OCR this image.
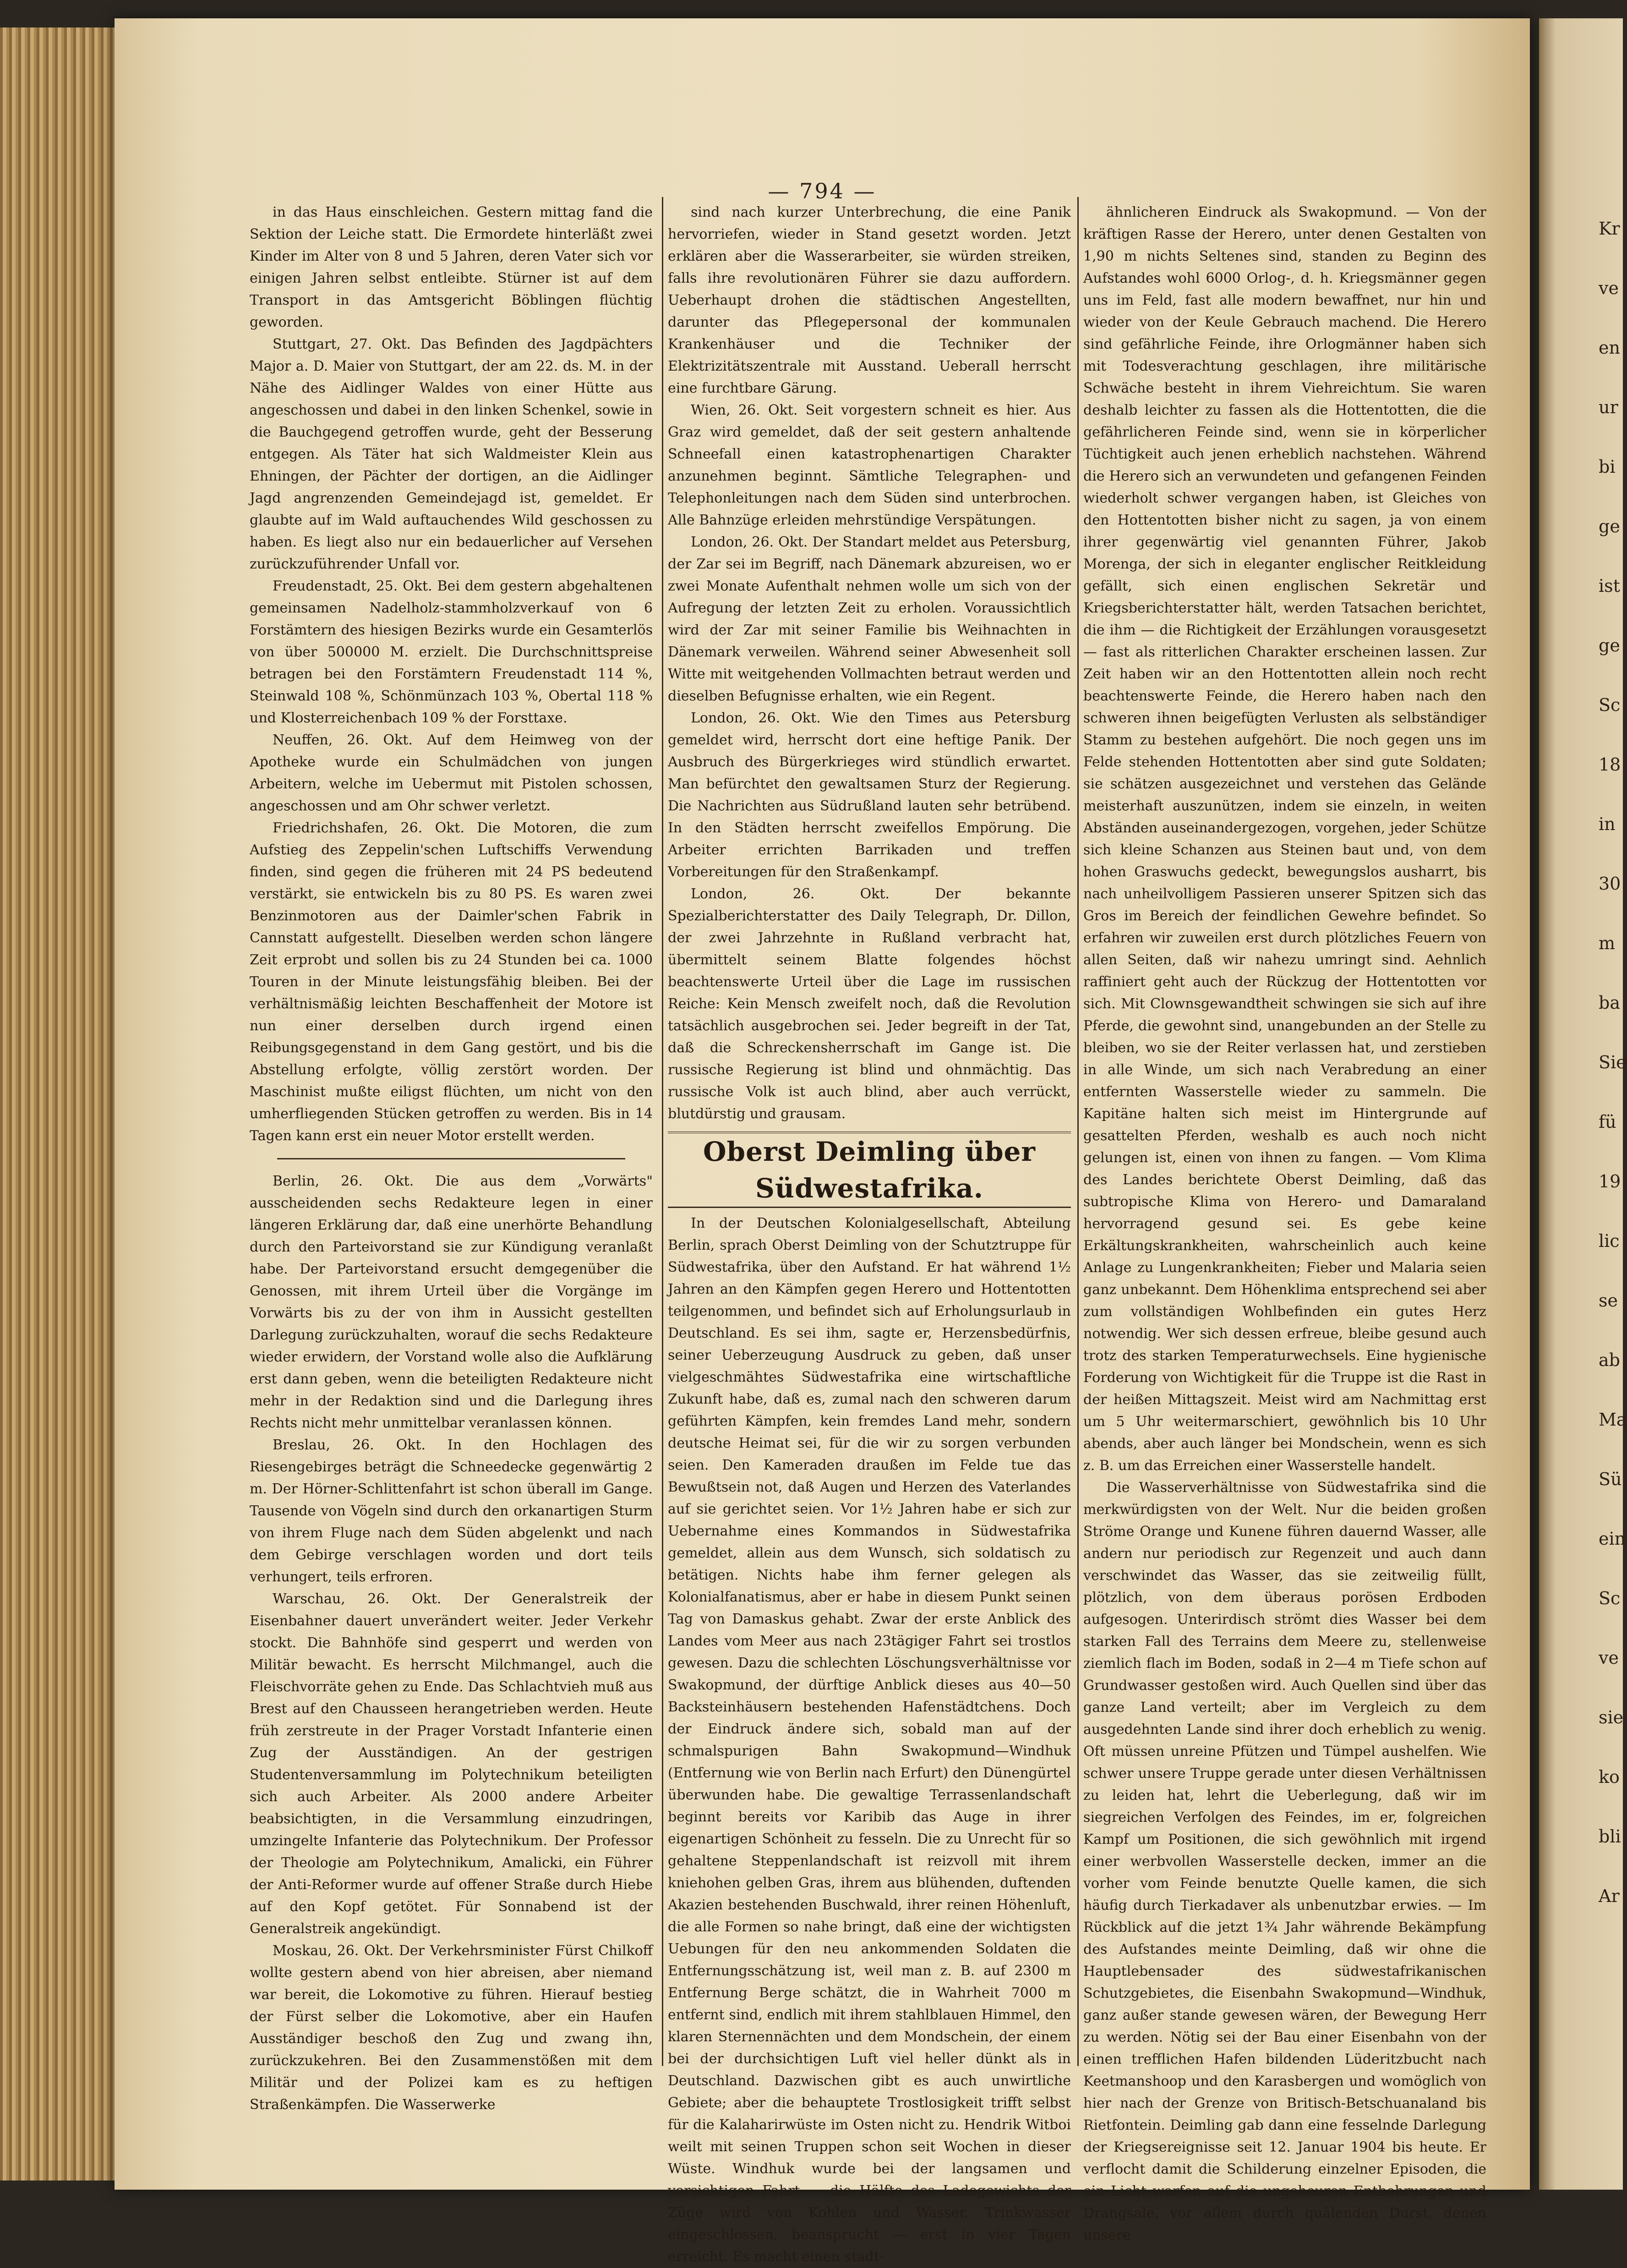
Kr
ve
en
ur
bi
ge
ist
ge
Sc
18
in
30
m
ba
Sie
fü
19
lic
se
ab
Ma
Sü
ein
Sc
ve
sie
ko
bli
Ar
— 794 —

in das Haus einschleichen. Gestern mittag fand die Sektion der Leiche statt. Die Ermordete hinterläßt zwei Kinder im Alter von 8 und 5 Jahren, deren Vater sich vor einigen Jahren selbst entleibte. Stürner ist auf dem Transport in das Amtsgericht Böblingen flüchtig geworden.

Stuttgart, 27. Okt. Das Befinden des Jagdpächters Major a. D. Maier von Stuttgart, der am 22. ds. M. in der Nähe des Aidlinger Waldes von einer Hütte aus angeschossen und dabei in den linken Schenkel, sowie in die Bauchgegend getroffen wurde, geht der Besserung entgegen. Als Täter hat sich Waldmeister Klein aus Ehningen, der Pächter der dortigen, an die Aidlinger Jagd angrenzenden Gemeindejagd ist, gemeldet. Er glaubte auf im Wald auftauchendes Wild geschossen zu haben. Es liegt also nur ein bedauerlicher auf Versehen zurückzuführender Unfall vor.

Freudenstadt, 25. Okt. Bei dem gestern abgehaltenen gemeinsamen Nadelholz-stammholzverkauf von 6 Forstämtern des hiesigen Bezirks wurde ein Gesamterlös von über 500000 M. erzielt. Die Durchschnittspreise betragen bei den Forstämtern Freudenstadt 114 %, Steinwald 108 %, Schönmünzach 103 %, Obertal 118 % und Klosterreichenbach 109 % der Forsttaxe.

Neuffen, 26. Okt. Auf dem Heimweg von der Apotheke wurde ein Schulmädchen von jungen Arbeitern, welche im Uebermut mit Pistolen schossen, angeschossen und am Ohr schwer verletzt.

Friedrichshafen, 26. Okt. Die Motoren, die zum Aufstieg des Zeppelin'schen Luftschiffs Verwendung finden, sind gegen die früheren mit 24 PS bedeutend verstärkt, sie entwickeln bis zu 80 PS. Es waren zwei Benzinmotoren aus der Daimler'schen Fabrik in Cannstatt aufgestellt. Dieselben werden schon längere Zeit erprobt und sollen bis zu 24 Stunden bei ca. 1000 Touren in der Minute leistungsfähig bleiben. Bei der verhältnismäßig leichten Beschaffenheit der Motore ist nun einer derselben durch irgend einen Reibungsgegenstand in dem Gang gestört, und bis die Abstellung erfolgte, völlig zerstört worden. Der Maschinist mußte eiligst flüchten, um nicht von den umherfliegenden Stücken getroffen zu werden. Bis in 14 Tagen kann erst ein neuer Motor erstellt werden.

Berlin, 26. Okt. Die aus dem „Vorwärts" ausscheidenden sechs Redakteure legen in einer längeren Erklärung dar, daß eine unerhörte Behandlung durch den Parteivorstand sie zur Kündigung veranlaßt habe. Der Parteivorstand ersucht demgegenüber die Genossen, mit ihrem Urteil über die Vorgänge im Vorwärts bis zu der von ihm in Aussicht gestellten Darlegung zurückzuhalten, worauf die sechs Redakteure wieder erwidern, der Vorstand wolle also die Aufklärung erst dann geben, wenn die beteiligten Redakteure nicht mehr in der Redaktion sind und die Darlegung ihres Rechts nicht mehr unmittelbar veranlassen können.

Breslau, 26. Okt. In den Hochlagen des Riesengebirges beträgt die Schneedecke gegenwärtig 2 m. Der Hörner-Schlittenfahrt ist schon überall im Gange. Tausende von Vögeln sind durch den orkanartigen Sturm von ihrem Fluge nach dem Süden abgelenkt und nach dem Gebirge verschlagen worden und dort teils verhungert, teils erfroren.

Warschau, 26. Okt. Der Generalstreik der Eisenbahner dauert unverändert weiter. Jeder Verkehr stockt. Die Bahnhöfe sind gesperrt und werden von Militär bewacht. Es herrscht Milchmangel, auch die Fleischvorräte gehen zu Ende. Das Schlachtvieh muß aus Brest auf den Chausseen herangetrieben werden. Heute früh zerstreute in der Prager Vorstadt Infanterie einen Zug der Ausständigen. An der gestrigen Studentenversammlung im Polytechnikum beteiligten sich auch Arbeiter. Als 2000 andere Arbeiter beabsichtigten, in die Versammlung einzudringen, umzingelte Infanterie das Polytechnikum. Der Professor der Theologie am Polytechnikum, Amalicki, ein Führer der Anti-Reformer wurde auf offener Straße durch Hiebe auf den Kopf getötet. Für Sonnabend ist der Generalstreik angekündigt.

Moskau, 26. Okt. Der Verkehrsminister Fürst Chilkoff wollte gestern abend von hier abreisen, aber niemand war bereit, die Lokomotive zu führen. Hierauf bestieg der Fürst selber die Lokomotive, aber ein Haufen Ausständiger beschoß den Zug und zwang ihn, zurückzukehren. Bei den Zusammenstößen mit dem Militär und der Polizei kam es zu heftigen Straßenkämpfen. Die Wasserwerke

sind nach kurzer Unterbrechung, die eine Panik hervorriefen, wieder in Stand gesetzt worden. Jetzt erklären aber die Wasserarbeiter, sie würden streiken, falls ihre revolutionären Führer sie dazu auffordern. Ueberhaupt drohen die städtischen Angestellten, darunter das Pflegepersonal der kommunalen Krankenhäuser und die Techniker der Elektrizitätszentrale mit Ausstand. Ueberall herrscht eine furchtbare Gärung.

Wien, 26. Okt. Seit vorgestern schneit es hier. Aus Graz wird gemeldet, daß der seit gestern anhaltende Schneefall einen katastrophenartigen Charakter anzunehmen beginnt. Sämtliche Telegraphen- und Telephonleitungen nach dem Süden sind unterbrochen. Alle Bahnzüge erleiden mehrstündige Verspätungen.

London, 26. Okt. Der Standart meldet aus Petersburg, der Zar sei im Begriff, nach Dänemark abzureisen, wo er zwei Monate Aufenthalt nehmen wolle um sich von der Aufregung der letzten Zeit zu erholen. Voraussichtlich wird der Zar mit seiner Familie bis Weihnachten in Dänemark verweilen. Während seiner Abwesenheit soll Witte mit weitgehenden Vollmachten betraut werden und dieselben Befugnisse erhalten, wie ein Regent.

London, 26. Okt. Wie den Times aus Petersburg gemeldet wird, herrscht dort eine heftige Panik. Der Ausbruch des Bürgerkrieges wird stündlich erwartet. Man befürchtet den gewaltsamen Sturz der Regierung. Die Nachrichten aus Südrußland lauten sehr betrübend. In den Städten herrscht zweifellos Empörung. Die Arbeiter errichten Barrikaden und treffen Vorbereitungen für den Straßenkampf.

London, 26. Okt. Der bekannte Spezialberichterstatter des Daily Telegraph, Dr. Dillon, der zwei Jahrzehnte in Rußland verbracht hat, übermittelt seinem Blatte folgendes höchst beachtenswerte Urteil über die Lage im russischen Reiche: Kein Mensch zweifelt noch, daß die Revolution tatsächlich ausgebrochen sei. Jeder begreift in der Tat, daß die Schreckensherrschaft im Gange ist. Die russische Regierung ist blind und ohnmächtig. Das russische Volk ist auch blind, aber auch verrückt, blutdürstig und grausam.

Oberst Deimling über Südwestafrika.

In der Deutschen Kolonialgesellschaft, Abteilung Berlin, sprach Oberst Deimling von der Schutztruppe für Südwestafrika, über den Aufstand. Er hat während 1½ Jahren an den Kämpfen gegen Herero und Hottentotten teilgenommen, und befindet sich auf Erholungsurlaub in Deutschland. Es sei ihm, sagte er, Herzensbedürfnis, seiner Ueberzeugung Ausdruck zu geben, daß unser vielgeschmähtes Südwestafrika eine wirtschaftliche Zukunft habe, daß es, zumal nach den schweren darum geführten Kämpfen, kein fremdes Land mehr, sondern deutsche Heimat sei, für die wir zu sorgen verbunden seien. Den Kameraden draußen im Felde tue das Bewußtsein not, daß Augen und Herzen des Vaterlandes auf sie gerichtet seien. Vor 1½ Jahren habe er sich zur Uebernahme eines Kommandos in Südwestafrika gemeldet, allein aus dem Wunsch, sich soldatisch zu betätigen. Nichts habe ihm ferner gelegen als Kolonialfanatismus, aber er habe in diesem Punkt seinen Tag von Damaskus gehabt. Zwar der erste Anblick des Landes vom Meer aus nach 23tägiger Fahrt sei trostlos gewesen. Dazu die schlechten Löschungsverhältnisse vor Swakopmund, der dürftige Anblick dieses aus 40—50 Backsteinhäusern bestehenden Hafenstädtchens. Doch der Eindruck ändere sich, sobald man auf der schmalspurigen Bahn Swakopmund—Windhuk (Entfernung wie von Berlin nach Erfurt) den Dünengürtel überwunden habe. Die gewaltige Terrassenlandschaft beginnt bereits vor Karibib das Auge in ihrer eigenartigen Schönheit zu fesseln. Die zu Unrecht für so gehaltene Steppenlandschaft ist reizvoll mit ihrem kniehohen gelben Gras, ihrem aus blühenden, duftenden Akazien bestehenden Buschwald, ihrer reinen Höhenluft, die alle Formen so nahe bringt, daß eine der wichtigsten Uebungen für den neu ankommenden Soldaten die Entfernungsschätzung ist, weil man z. B. auf 2300 m Entfernung Berge schätzt, die in Wahrheit 7000 m entfernt sind, endlich mit ihrem stahlblauen Himmel, den klaren Sternennächten und dem Mondschein, der einem bei der durchsichtigen Luft viel heller dünkt als in Deutschland. Dazwischen gibt es auch unwirtliche Gebiete; aber die behauptete Trostlosigkeit trifft selbst für die Kalaharirwüste im Osten nicht zu. Hendrik Witboi weilt mit seinen Truppen schon seit Wochen in dieser Wüste. Windhuk wurde bei der langsamen und vorsichtigen Fahrt — die Hälfte des Ladegewichts der Züge wird von Kohlen und Wasser, Trinkwasser eingeschlossen, beansprucht — erst in vier Tagen erreicht. Es macht einen stadt-

ähnlicheren Eindruck als Swakopmund. — Von der kräftigen Rasse der Herero, unter denen Gestalten von 1,90 m nichts Seltenes sind, standen zu Beginn des Aufstandes wohl 6000 Orlog-, d. h. Kriegsmänner gegen uns im Feld, fast alle modern bewaffnet, nur hin und wieder von der Keule Gebrauch machend. Die Herero sind gefährliche Feinde, ihre Orlogmänner haben sich mit Todesverachtung geschlagen, ihre militärische Schwäche besteht in ihrem Viehreichtum. Sie waren deshalb leichter zu fassen als die Hottentotten, die die gefährlicheren Feinde sind, wenn sie in körperlicher Tüchtigkeit auch jenen erheblich nachstehen. Während die Herero sich an verwundeten und gefangenen Feinden wiederholt schwer vergangen haben, ist Gleiches von den Hottentotten bisher nicht zu sagen, ja von einem ihrer gegenwärtig viel genannten Führer, Jakob Morenga, der sich in eleganter englischer Reitkleidung gefällt, sich einen englischen Sekretär und Kriegsberichterstatter hält, werden Tatsachen berichtet, die ihm — die Richtigkeit der Erzählungen vorausgesetzt — fast als ritterlichen Charakter erscheinen lassen. Zur Zeit haben wir an den Hottentotten allein noch recht beachtenswerte Feinde, die Herero haben nach den schweren ihnen beigefügten Verlusten als selbständiger Stamm zu bestehen aufgehört. Die noch gegen uns im Felde stehenden Hottentotten aber sind gute Soldaten; sie schätzen ausgezeichnet und verstehen das Gelände meisterhaft auszunützen, indem sie einzeln, in weiten Abständen auseinandergezogen, vorgehen, jeder Schütze sich kleine Schanzen aus Steinen baut und, von dem hohen Graswuchs gedeckt, bewegungslos ausharrt, bis nach unheilvolligem Passieren unserer Spitzen sich das Gros im Bereich der feindlichen Gewehre befindet. So erfahren wir zuweilen erst durch plötzliches Feuern von allen Seiten, daß wir nahezu umringt sind. Aehnlich raffiniert geht auch der Rückzug der Hottentotten vor sich. Mit Clownsgewandtheit schwingen sie sich auf ihre Pferde, die gewohnt sind, unangebunden an der Stelle zu bleiben, wo sie der Reiter verlassen hat, und zerstieben in alle Winde, um sich nach Verabredung an einer entfernten Wasserstelle wieder zu sammeln. Die Kapitäne halten sich meist im Hintergrunde auf gesattelten Pferden, weshalb es auch noch nicht gelungen ist, einen von ihnen zu fangen. — Vom Klima des Landes berichtete Oberst Deimling, daß das subtropische Klima von Herero- und Damaraland hervorragend gesund sei. Es gebe keine Erkältungskrankheiten, wahrscheinlich auch keine Anlage zu Lungenkrankheiten; Fieber und Malaria seien ganz unbekannt. Dem Höhenklima entsprechend sei aber zum vollständigen Wohlbefinden ein gutes Herz notwendig. Wer sich dessen erfreue, bleibe gesund auch trotz des starken Temperaturwechsels. Eine hygienische Forderung von Wichtigkeit für die Truppe ist die Rast in der heißen Mittagszeit. Meist wird am Nachmittag erst um 5 Uhr weitermarschiert, gewöhnlich bis 10 Uhr abends, aber auch länger bei Mondschein, wenn es sich z. B. um das Erreichen einer Wasserstelle handelt.

Die Wasserverhältnisse von Südwestafrika sind die merkwürdigsten von der Welt. Nur die beiden großen Ströme Orange und Kunene führen dauernd Wasser, alle andern nur periodisch zur Regenzeit und auch dann verschwindet das Wasser, das sie zeitweilig füllt, plötzlich, von dem überaus porösen Erdboden aufgesogen. Unterirdisch strömt dies Wasser bei dem starken Fall des Terrains dem Meere zu, stellenweise ziemlich flach im Boden, sodaß in 2—4 m Tiefe schon auf Grundwasser gestoßen wird. Auch Quellen sind über das ganze Land verteilt; aber im Vergleich zu dem ausgedehnten Lande sind ihrer doch erheblich zu wenig. Oft müssen unreine Pfützen und Tümpel aushelfen. Wie schwer unsere Truppe gerade unter diesen Verhältnissen zu leiden hat, lehrt die Ueberlegung, daß wir im siegreichen Verfolgen des Feindes, im er, folgreichen Kampf um Positionen, die sich gewöhnlich mit irgend einer werbvollen Wasserstelle decken, immer an die vorher vom Feinde benutzte Quelle kamen, die sich häufig durch Tierkadaver als unbenutzbar erwies. — Im Rückblick auf die jetzt 1¾ Jahr währende Bekämpfung des Aufstandes meinte Deimling, daß wir ohne die Hauptlebensader des südwestafrikanischen Schutzgebietes, die Eisenbahn Swakopmund—Windhuk, ganz außer stande gewesen wären, der Bewegung Herr zu werden. Nötig sei der Bau einer Eisenbahn von der einen trefflichen Hafen bildenden Lüderitzbucht nach Keetmanshoop und den Karasbergen und womöglich von hier nach der Grenze von Britisch-Betschuanaland bis Rietfontein. Deimling gab dann eine fesselnde Darlegung der Kriegsereignisse seit 12. Januar 1904 bis heute. Er verflocht damit die Schilderung einzelner Episoden, die ein Licht warfen auf die ungeheuren Entbehrungen und Drangsale, vor allem durch quälenden Durst, denen unsere
